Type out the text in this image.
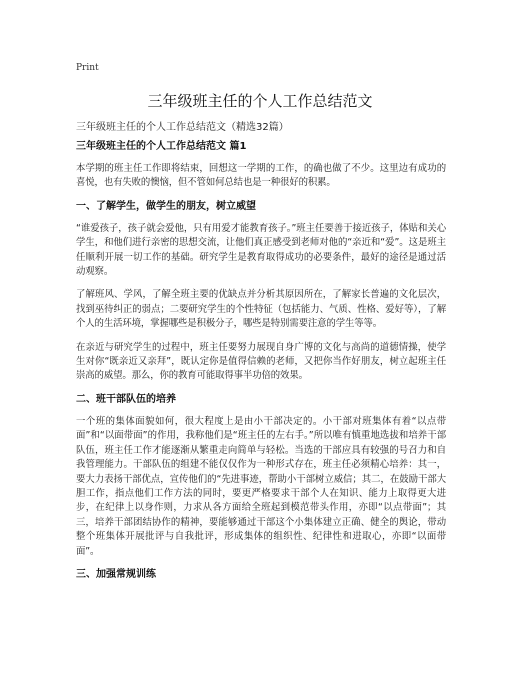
Print
三年级班主任的个人工作总结范文

三年级班主任的个人工作总结范文（精选32篇）

三年级班主任的个人工作总结范文 篇1

本学期的班主任工作即将结束，回想这一学期的工作，的确也做了不少。这里边有成功的喜悦，也有失败的懊恼，但不管如何总结也是一种很好的积累。

一、了解学生，做学生的朋友，树立威望

“谁爱孩子，孩子就会爱他，只有用爱才能教育孩子。”班主任要善于接近孩子，体贴和关心学生，和他们进行亲密的思想交流，让他们真正感受到老师对他的“亲近和“爱”。这是班主任顺利开展一切工作的基础。研究学生是教育取得成功的必要条件，最好的途径是通过活动观察。

了解班风、学风，了解全班主要的优缺点并分析其原因所在，了解家长普遍的文化层次，找到巫待纠正的弱点；二要研究学生的个性特征（包括能力、气质、性格、爱好等），了解个人的生活环境，掌握哪些是积极分子，哪些是特别需要注意的学生等等。

在亲近与研究学生的过程中，班主任要努力展现自身广博的文化与高尚的道德情操，使学生对你“既亲近又亲拜”，既认定你是值得信赖的老师，又把你当作好朋友，树立起班主任崇高的威望。那么，你的教育可能取得事半功倍的效果。

二、班干部队伍的培养

一个班的集体面貌如何，很大程度上是由小干部决定的。小干部对班集体有着“以点带面”和“以面带面”的作用，我称他们是“班主任的左右手。”所以唯有慎重地选拔和培养干部队伍，班主任工作才能逐渐从繁重走向简单与轻松。当选的干部应具有较强的号召力和自我管理能力。干部队伍的组建不能仅仅作为一种形式存在，班主任必须精心培养：其一，要大力表扬干部优点，宣传他们的“先进事迹，帮助小干部树立威信；其二，在鼓励干部大胆工作，指点他们工作方法的同时，要更严格要求干部个人在知识、能力上取得更大进步，在纪律上以身作则，力求从各方面给全班起到模范带头作用，亦即“以点带面”；其三，培养干部团结协作的精神，要能够通过干部这个小集体建立正确、健全的舆论，带动整个班集体开展批评与自我批评，形成集体的组织性、纪律性和进取心，亦即“以面带面”。

三、加强常规训练
